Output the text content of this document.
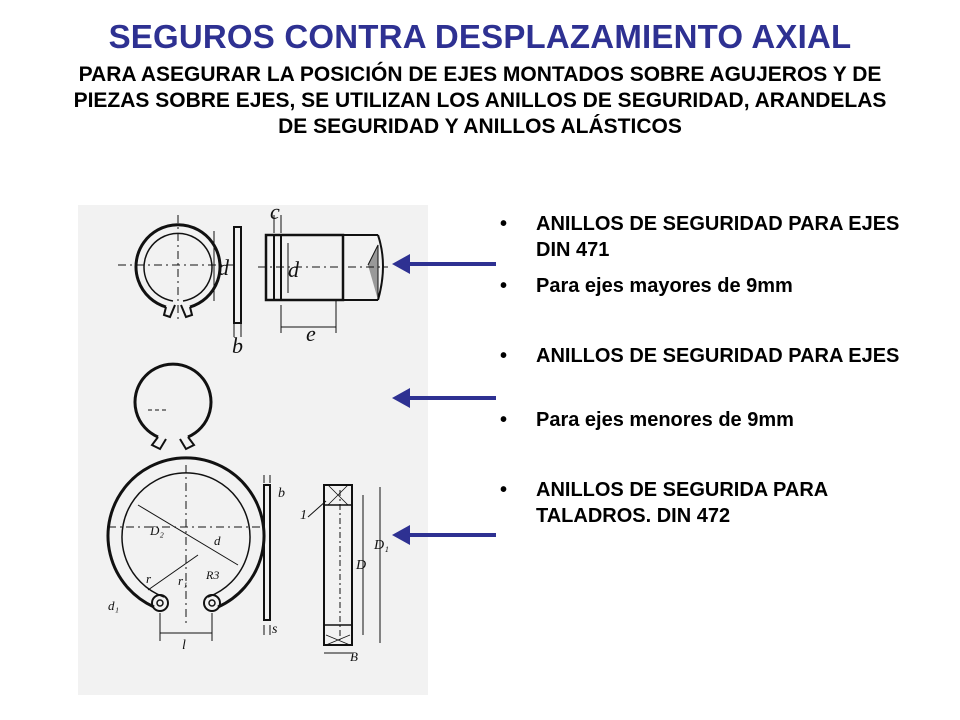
SEGUROS CONTRA DESPLAZAMIENTO AXIAL

PARA ASEGURAR LA POSICIÓN DE EJES MONTADOS SOBRE AGUJEROS Y DE PIEZAS SOBRE EJES, SE UTILIZAN LOS ANILLOS DE SEGURIDAD, ARANDELAS DE SEGURIDAD Y ANILLOS ALÁSTICOS

c
d	d
b	e
D₂
d
r r₁ R3
d₁
l
b
s
1
D
D₁
B
• ANILLOS DE SEGURIDAD PARA EJES DIN 471
• Para ejes mayores de 9mm
• ANILLOS DE SEGURIDAD PARA EJES
• Para ejes menores de 9mm
• ANILLOS DE SEGURIDA PARA TALADROS. DIN 472
